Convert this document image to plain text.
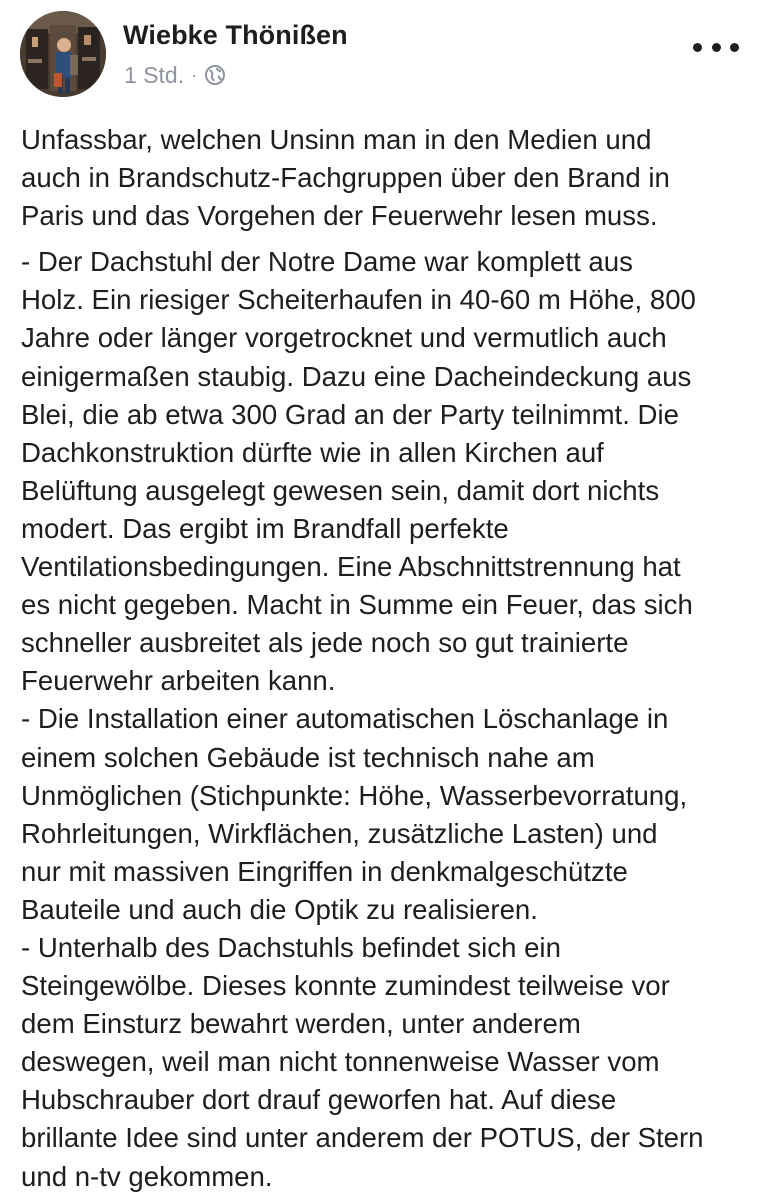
Wiebke Thönißen
1 Std. ·

Unfassbar, welchen Unsinn man in den Medien und
auch in Brandschutz-Fachgruppen über den Brand in
Paris und das Vorgehen der Feuerwehr lesen muss.

- Der Dachstuhl der Notre Dame war komplett aus
Holz. Ein riesiger Scheiterhaufen in 40-60 m Höhe, 800
Jahre oder länger vorgetrocknet und vermutlich auch
einigermaßen staubig. Dazu eine Dacheindeckung aus
Blei, die ab etwa 300 Grad an der Party teilnimmt. Die
Dachkonstruktion dürfte wie in allen Kirchen auf
Belüftung ausgelegt gewesen sein, damit dort nichts
modert. Das ergibt im Brandfall perfekte
Ventilationsbedingungen. Eine Abschnittstrennung hat
es nicht gegeben. Macht in Summe ein Feuer, das sich
schneller ausbreitet als jede noch so gut trainierte
Feuerwehr arbeiten kann.
- Die Installation einer automatischen Löschanlage in
einem solchen Gebäude ist technisch nahe am
Unmöglichen (Stichpunkte: Höhe, Wasserbevorratung,
Rohrleitungen, Wirkflächen, zusätzliche Lasten) und
nur mit massiven Eingriffen in denkmalgeschützte
Bauteile und auch die Optik zu realisieren.
- Unterhalb des Dachstuhls befindet sich ein
Steingewölbe. Dieses konnte zumindest teilweise vor
dem Einsturz bewahrt werden, unter anderem
deswegen, weil man nicht tonnenweise Wasser vom
Hubschrauber dort drauf geworfen hat. Auf diese
brillante Idee sind unter anderem der POTUS, der Stern
und n-tv gekommen.
